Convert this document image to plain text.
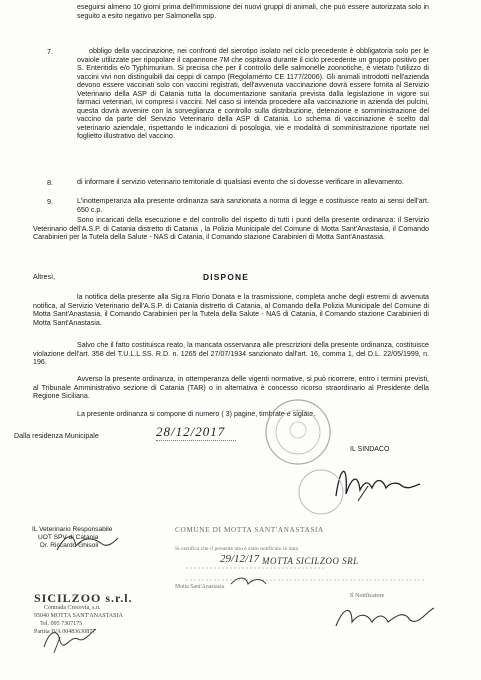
eseguirsi almeno 10 giorni prima dell'immissione dei nuovi gruppi di animali, che può essere autorizzata solo in seguito a esito negativo per Salmonella spp.
7.	obbligo della vaccinazione, nei confronti del sierotipo isolato nel ciclo precedente è obbligatoria solo per le ovaiole utilizzate per ripopolare il capannone 7M che ospitava durante il ciclo precedente un gruppo positivo per S. Enteritidis e/o Typhimurium. Si precisa che per il controllo delle salmonelle zoonotiche, è vietato l'utilizzo di vaccini vivi non distinguibili dai ceppi di campo (Regolamento CE 1177/2006). Gli animali introdotti nell'azienda devono essere vaccinati solo con vaccini registrati, dell'avvenuta vaccinazione dovrà essere fornita al Servizio Veterinario della ASP di Catania tutta la documentazione sanitaria prevista dalla legislazione in vigore sui farmaci veterinari, ivi compresi i vaccini. Nel caso si intenda procedere alla vaccinazione in azienda dei pulcini, questa dovrà avvenire con la sorveglianza e controllo sulla distribuzione, detenzione e somministrazione del vaccino da parte del Servizio Veterinario della ASP di Catania. Lo schema di vaccinazione è scelto dal veterinario aziendale, rispettando le indicazioni di posologia, vie e modalità di somministrazione riportate nel foglietto illustrativo del vaccino.
8.	di informare il servizio veterinario territoriale di qualsiasi evento che si dovesse verificare in allevamento.
9.	L'inottemperanza alla presente ordinanza sarà sanzionata a norma di legge e costituisce reato ai sensi dell'art. 650 c.p.
Sono incaricati della esecuzione e del controllo del rispetto di tutti i punti della presente ordinanza: il Servizio Veterinario dell'A.S.P. di Catania distretto di Catania , la Polizia Municipale del Comune di Motta Sant'Anastasia, il Comando Carabinieri per la Tutela della Salute - NAS di Catania, il Comando stazione Carabinieri di Motta Sant'Anastasia.
Altresì,	DISPONE
la notifica della presente alla Sig.ra Florio Donata e la trasmissione, completa anche degli estremi di avvenuta notifica, al Servizio Veterinario dell'A.S.P. di Catania distretto di Catania, al Comando della Polizia Municipale del Comune di Motta Sant'Anastasia, il Comando Carabinieri per la Tutela della Salute - NAS di Catania, il Comando stazione Carabinieri di Motta Sant'Anastasia.
Salvo che il fatto costituisca reato, la mancata osservanza alle prescrizioni della presente ordinanza, costituisce violazione dell'art. 358 del T.U.L.L.SS. R.D. n. 1265 del 27/07/1934 sanzionato dall'art. 16, comma 1, del D.L. 22/05/1999, n. 196.
Avverso la presente ordinanza, in ottemperanza delle vigenti normative, si può ricorrere, entro i termini previsti, al Tribunale Amministrativo sezione di Catania (TAR) o in alternativa è concesso ricorso straordinario al Presidente della Regione Siciliana.
La presente ordinanza si compone di numero ( 3) pagine, timbrate e siglate.
Dalla residenza Municipale	28/12/2017
IL SINDACO
IL Veterinario Responsabile
UOT SPV di Catania
Dr. Riccardo Ghisoli
COMUNE DI MOTTA SANT'ANASTASIA
Si certifica che il presente atto è stato notificato in data
29/12/17 MOTTA SICILZOO SRL
Motta Sant'Anastasia
Il Notificatore
SICILZOO s.r.l.
Contrada Crocevia, s.n.
95040 MOTTA SANT'ANASTASIA
Tel. 095 7307175
Partita IVA 00483630877
